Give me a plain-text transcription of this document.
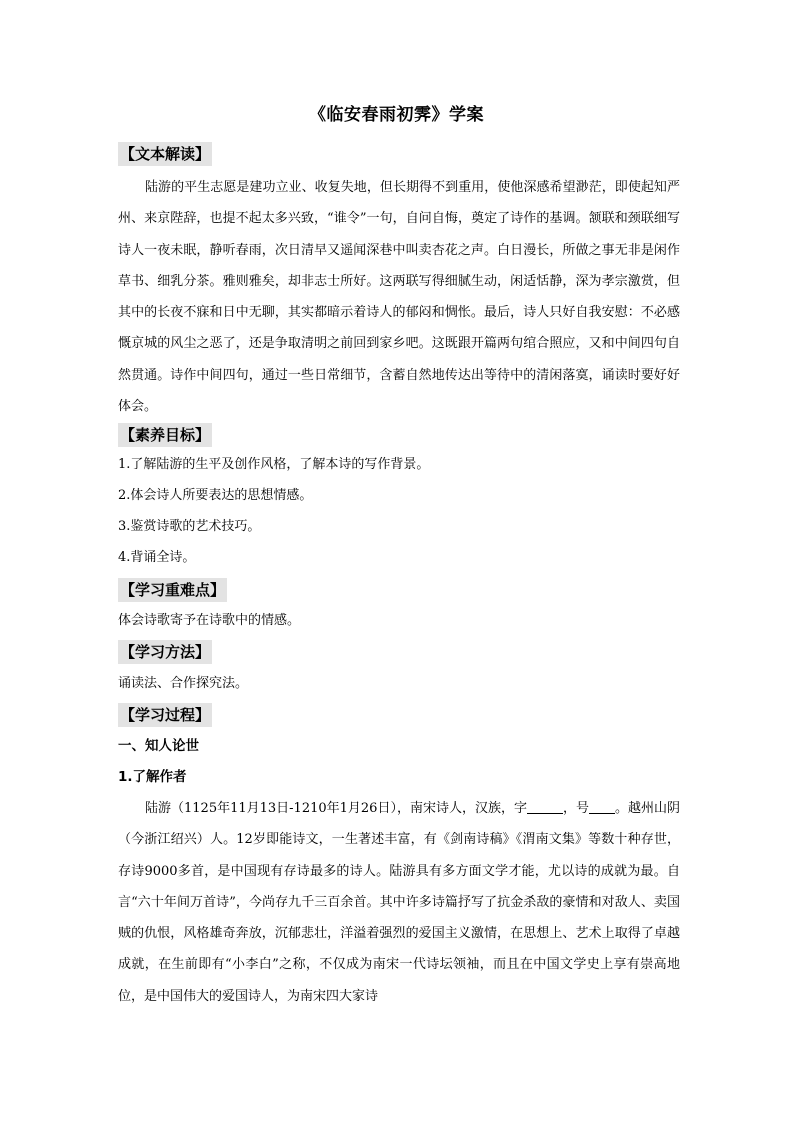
《临安春雨初霁》学案
【文本解读】

陆游的平生志愿是建功立业、收复失地，但长期得不到重用，使他深感希望渺茫，即使起知严州、来京陛辞，也提不起太多兴致，“谁令”一句，自问自悔，奠定了诗作的基调。颔联和颈联细写诗人一夜未眠，静听春雨，次日清早又遥闻深巷中叫卖杏花之声。白日漫长，所做之事无非是闲作草书、细乳分茶。雅则雅矣，却非志士所好。这两联写得细腻生动，闲适恬静，深为孝宗激赏，但其中的长夜不寐和日中无聊，其实都暗示着诗人的郁闷和惆怅。最后，诗人只好自我安慰：不必感慨京城的风尘之恶了，还是争取清明之前回到家乡吧。这既跟开篇两句绾合照应，又和中间四句自然贯通。诗作中间四句，通过一些日常细节，含蓄自然地传达出等待中的清闲落寞，诵读时要好好体会。

【素养目标】
1.了解陆游的生平及创作风格，了解本诗的写作背景。
2.体会诗人所要表达的思想情感。
3.鉴赏诗歌的艺术技巧。
4.背诵全诗。
【学习重难点】
体会诗歌寄予在诗歌中的情感。
【学习方法】
诵读法、合作探究法。
【学习过程】
一、知人论世
1.了解作者

陆游（1125年11月13日-1210年1月26日），南宋诗人，汉族，字	，号 。越州山阴（今浙江绍兴）人。12岁即能诗文，一生著述丰富，有《剑南诗稿》《渭南文集》等数十种存世，存诗9000多首，是中国现有存诗最多的诗人。陆游具有多方面文学才能，尤以诗的成就为最。自言“六十年间万首诗”，今尚存九千三百余首。其中许多诗篇抒写了抗金杀敌的豪情和对敌人、卖国贼的仇恨，风格雄奇奔放，沉郁悲壮，洋溢着强烈的爱国主义激情，在思想上、艺术上取得了卓越成就，在生前即有“小李白”之称，不仅成为南宋一代诗坛领袖，而且在中国文学史上享有崇高地位，是中国伟大的爱国诗人，为南宋四大家诗
